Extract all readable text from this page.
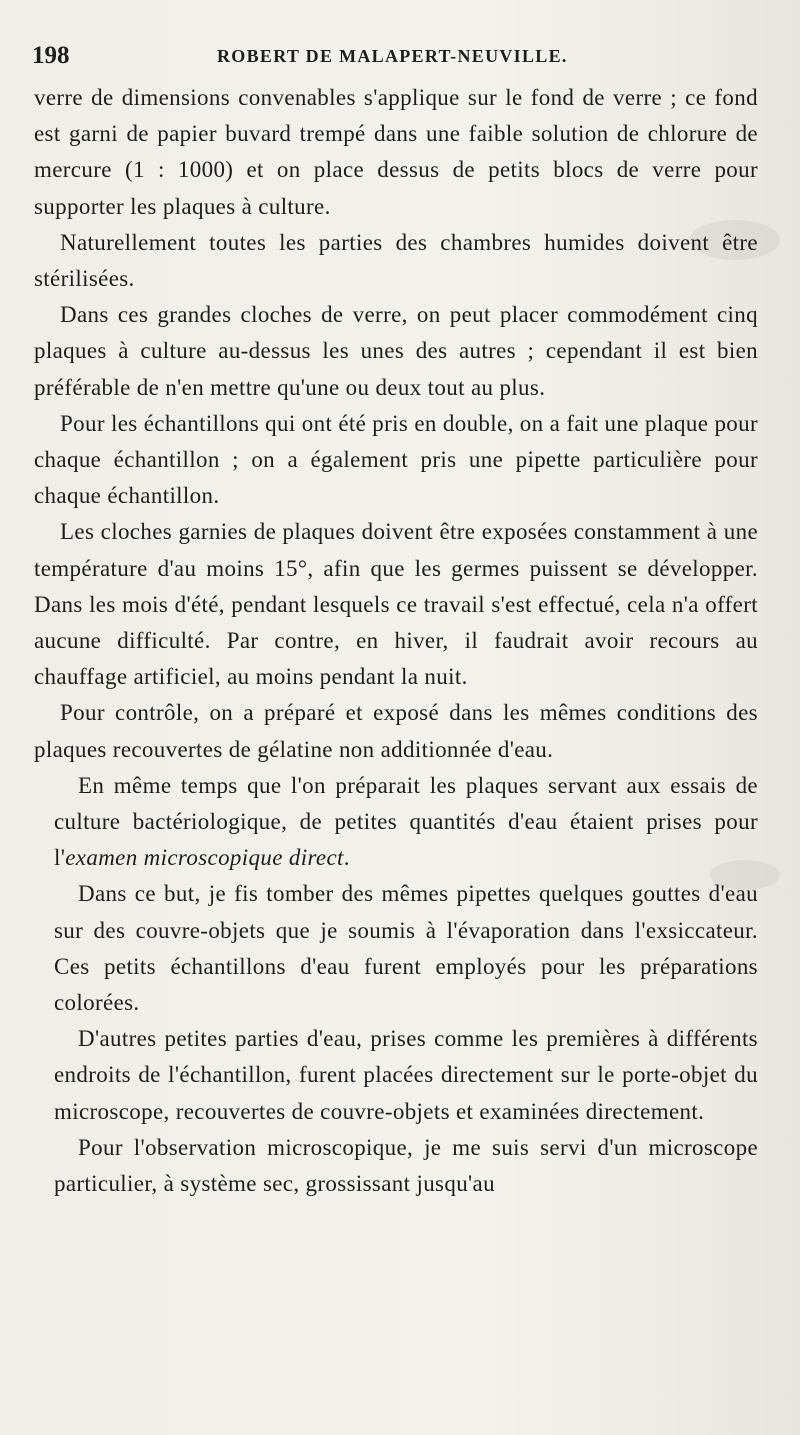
198	ROBERT DE MALAPERT-NEUVILLE.

verre de dimensions convenables s'applique sur le fond de verre ; ce fond est garni de papier buvard trempé dans une faible solution de chlorure de mercure (1 : 1000) et on place dessus de petits blocs de verre pour supporter les plaques à culture.

Naturellement toutes les parties des chambres humides doivent être stérilisées.

Dans ces grandes cloches de verre, on peut placer commodément cinq plaques à culture au-dessus les unes des autres ; cependant il est bien préférable de n'en mettre qu'une ou deux tout au plus.

Pour les échantillons qui ont été pris en double, on a fait une plaque pour chaque échantillon ; on a également pris une pipette particulière pour chaque échantillon.

Les cloches garnies de plaques doivent être exposées constamment à une température d'au moins 15°, afin que les germes puissent se développer. Dans les mois d'été, pendant lesquels ce travail s'est effectué, cela n'a offert aucune difficulté. Par contre, en hiver, il faudrait avoir recours au chauffage artificiel, au moins pendant la nuit.

Pour contrôle, on a préparé et exposé dans les mêmes conditions des plaques recouvertes de gélatine non additionnée d'eau.

En même temps que l'on préparait les plaques servant aux essais de culture bactériologique, de petites quantités d'eau étaient prises pour l'examen microscopique direct.

Dans ce but, je fis tomber des mêmes pipettes quelques gouttes d'eau sur des couvre-objets que je soumis à l'évaporation dans l'exsiccateur. Ces petits échantillons d'eau furent employés pour les préparations colorées.

D'autres petites parties d'eau, prises comme les premières à différents endroits de l'échantillon, furent placées directement sur le porte-objet du microscope, recouvertes de couvre-objets et examinées directement.

Pour l'observation microscopique, je me suis servi d'un microscope particulier, à système sec, grossissant jusqu'au
